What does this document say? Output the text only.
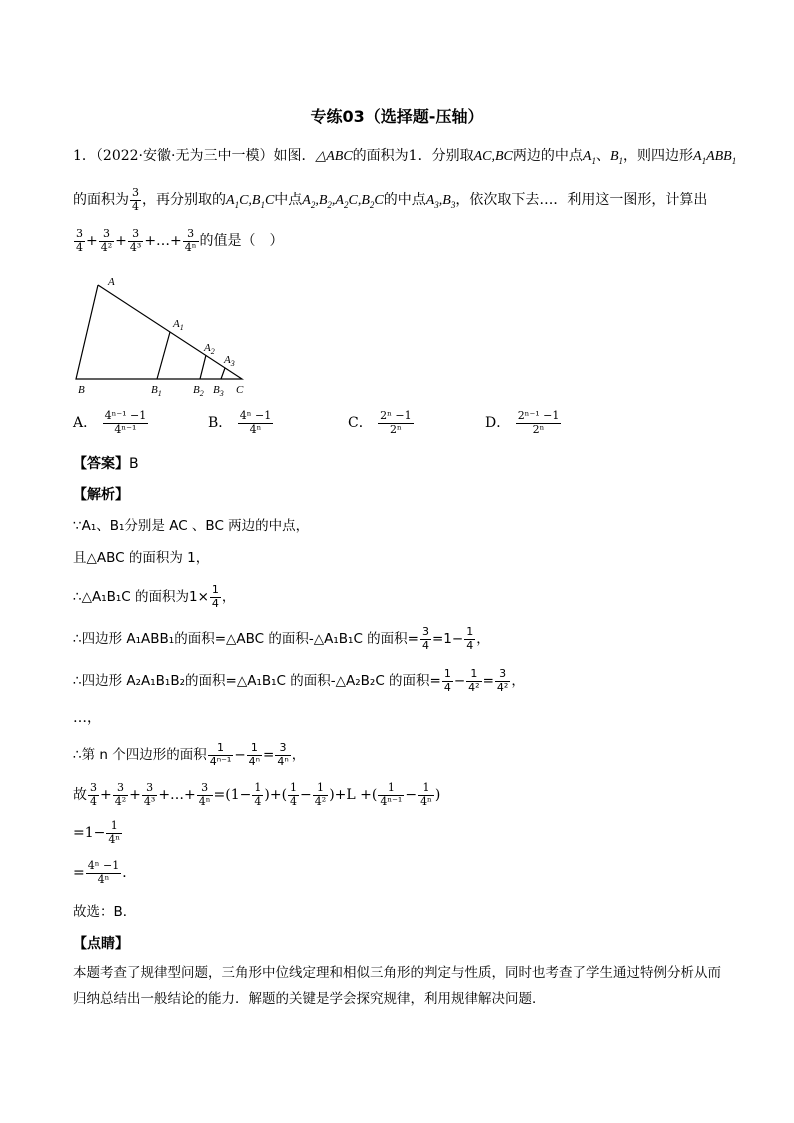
专练03（选择题-压轴）
1．（2022·安徽·无为三中一模）如图．△ABC的面积为1．分别取AC,BC两边的中点$A_1$、$B_1$，则四边形$A_1ABB_1$
的面积为 $\frac{3}{4}$ ，再分别取的$A_1C,B_1C$中点$A_2,B_2,A_2C,B_2C$的中点$A_3,B_3$，依次取下去…．利用这一图形，计算出
$\frac{3}{4} + \frac{3}{\text{4²}} + \frac{3}{\text{4³}}$ +…+ $\frac{3}{\text{4ⁿ}}$ 的值是（　）
A
$A_1$
$A_2$
$A_3$
B	$B_1$	$B_2$ $B_3$ C
A． $\frac{\text{4ⁿ⁻¹ −1}}{\text{4ⁿ⁻¹}}$	B． $\frac{\text{4ⁿ −1}}{\text{4ⁿ}}$	C． $\frac{\text{2ⁿ −1}}{\text{2ⁿ}}$	D． $\frac{\text{2ⁿ⁻¹ −1}}{\text{2ⁿ}}$
【答案】B
【解析】
∵A₁、B₁分别是 AC 、BC 两边的中点，
且△ABC 的面积为 1，
∴△A₁B₁C 的面积为$1\times \frac{1}{4}$ ，
∴四边形 A₁ABB₁的面积=△ABC 的面积-△A₁B₁C 的面积= $\frac{3}{4} =1- \frac{1}{4}$ ，
∴四边形 A₂A₁B₁B₂的面积=△A₁B₁C 的面积-△A₂B₂C 的面积= $\frac{1}{4} - \frac{1}{\text{4²}} = \frac{3}{\text{4²}}$ ，
…，
∴第 n 个四边形的面积 $\frac{1}{\text{4ⁿ⁻¹}} - \frac{1}{\text{4ⁿ}} = \frac{3}{\text{4ⁿ}}$ ，
故 $\frac{3}{4} + \frac{3}{\text{4²}} + \frac{3}{\text{4³}}$ +…+ $\frac{3}{\text{4ⁿ}} =(1- \frac{1}{4}$ )+( $\frac{1}{4} - \frac{1}{\text{4²}} )+L$ +( $\frac{1}{\text{4ⁿ⁻¹}} - \frac{1}{\text{4ⁿ}}$ )
$=1- \frac{1}{\text{4ⁿ}}$
= $\frac{\text{4ⁿ −1}}{\text{4ⁿ}}$ ．
故选：B．
【点睛】
本题考查了规律型问题，三角形中位线定理和相似三角形的判定与性质，同时也考查了学生通过特例分析从而归纳总结出一般结论的能力．解题的关键是学会探究规律，利用规律解决问题．
